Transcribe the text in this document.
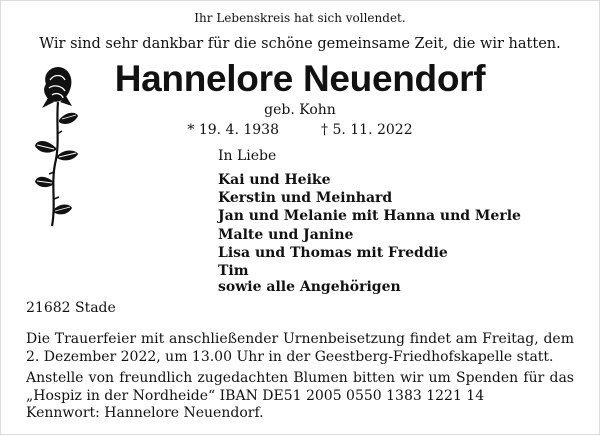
Ihr Lebenskreis hat sich vollendet.
Wir sind sehr dankbar für die schöne gemeinsame Zeit, die wir hatten.
Hannelore Neuendorf
geb. Kohn
* 19. 4. 1938	† 5. 11. 2022
In Liebe
Kai und Heike
Kerstin und Meinhard
Jan und Melanie mit Hanna und Merle
Malte und Janine
Lisa und Thomas mit Freddie
Tim
sowie alle Angehörigen
21682 Stade
Die Trauerfeier mit anschließender Urnenbeisetzung findet am Freitag, dem
2. Dezember 2022, um 13.00 Uhr in der Geestberg-Friedhofskapelle statt.
Anstelle von freundlich zugedachten Blumen bitten wir um Spenden für das
„Hospiz in der Nordheide“ IBAN DE51 2005 0550 1383 1221 14
Kennwort: Hannelore Neuendorf.
